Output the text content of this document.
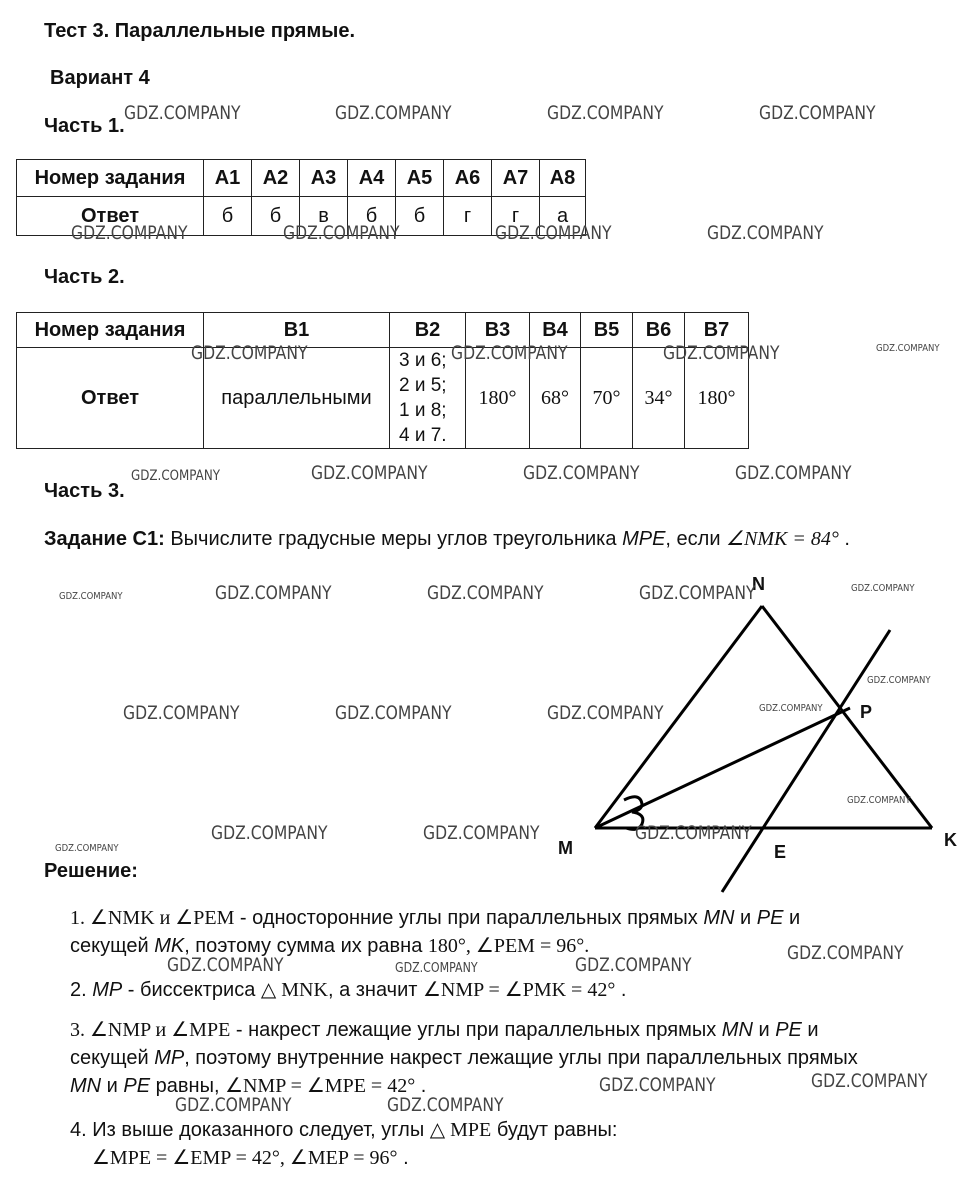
Тест 3. Параллельные прямые.
Вариант 4
Часть 1.
Номер задания	А1	А2	А3	А4	А5	А6	А7	А8
Ответ	б	б	в	б	б	г	г	а
Часть 2.
Номер задания	В1	В2	В3	В4	В5	В6	В7
Ответ	параллельными	3 и 6;
2 и 5;
1 и 8;
4 и 7.	180°	68°	70°	34°	180°
Часть 3.
Задание С1: Вычислите градусные меры углов треугольника MPE, если ∠NMK = 84° .
N
P
M	E
K
Решение:
1. ∠NMK и ∠PEM - односторонние углы при параллельных прямых MN и PE и
секущей MK, поэтому сумма их равна 180°, ∠PEM = 96°.
2. MP - биссектриса △ MNK, а значит ∠NMP = ∠PMK = 42° .
3. ∠NMP и ∠MPE - накрест лежащие углы при параллельных прямых MN и PE и
секущей MP, поэтому внутренние накрест лежащие углы при параллельных прямых
MN и PE равны, ∠NMP = ∠MPE = 42° .
4. Из выше доказанного следует, углы △ MPE будут равны:
∠MPE = ∠EMP = 42°, ∠MEP = 96° .
GDZ.COMPANY	GDZ.COMPANY	GDZ.COMPANY	GDZ.COMPANY
GDZ.COMPANY	GDZ.COMPANY	GDZ.COMPANY	GDZ.COMPANY
GDZ.COMPANY	GDZ.COMPANY	GDZ.COMPANY	GDZ.COMPANY
GDZ.COMPANY	GDZ.COMPANY	GDZ.COMPANY	GDZ.COMPANY
GDZ.COMPANY	GDZ.COMPANY	GDZ.COMPANY	GDZ.COMPANY	GDZ.COMPANY
GDZ.COMPANY
GDZ.COMPANY	GDZ.COMPANY	GDZ.COMPANY	GDZ.COMPANY
GDZ.COMPANY
GDZ.COMPANY	GDZ.COMPANY	GDZ.COMPANY
GDZ.COMPANY
GDZ.COMPANY	GDZ.COMPANY	GDZ.COMPANY
GDZ.COMPANY
GDZ.COMPANY	GDZ.COMPANY
GDZ.COMPANY	GDZ.COMPANY
